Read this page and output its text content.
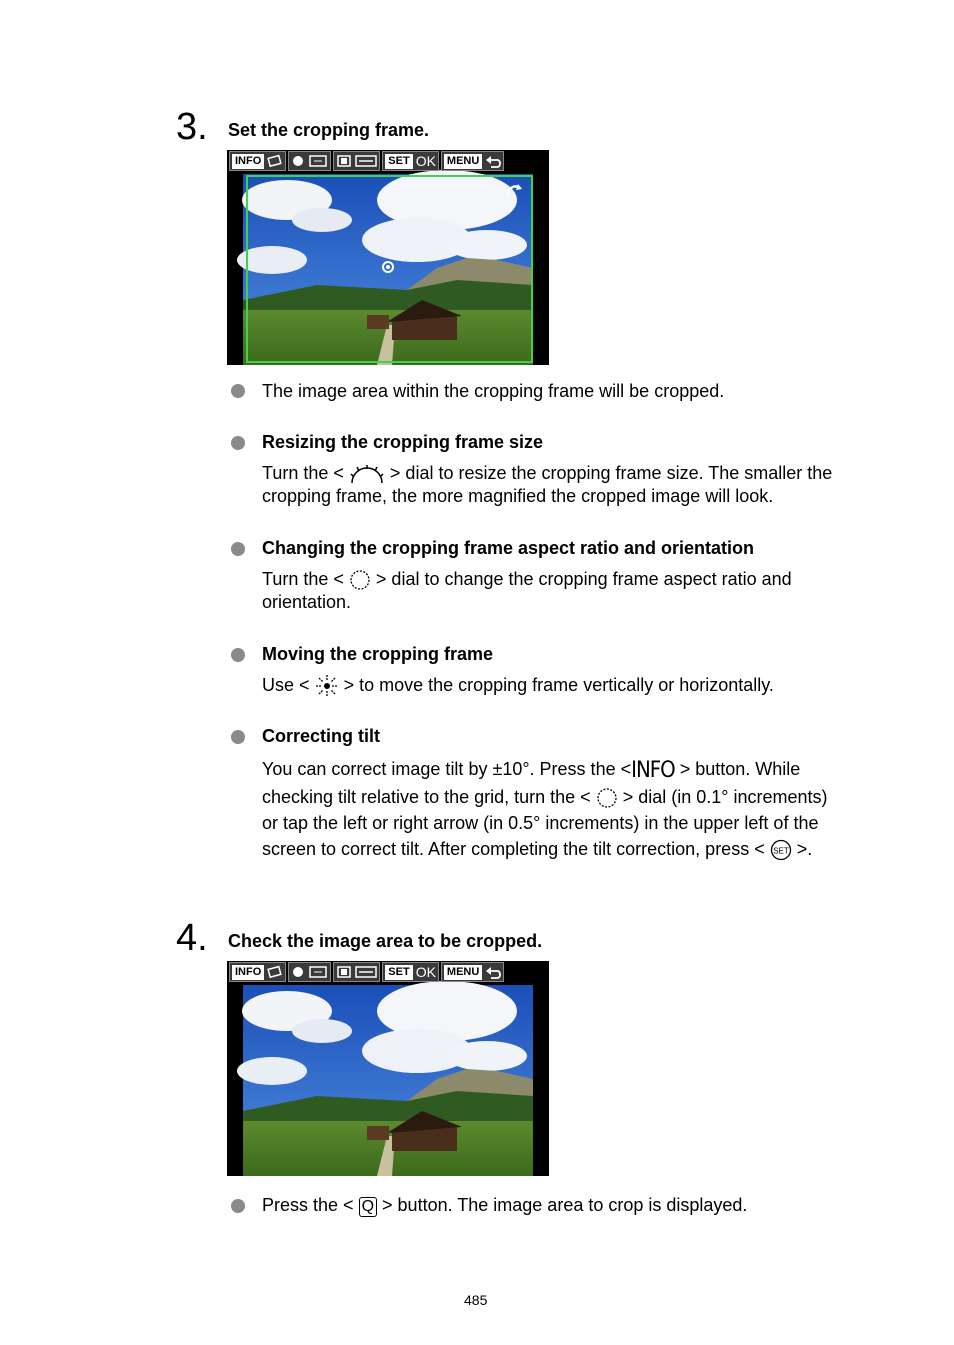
3. Set the cropping frame.
INFO	SET OK MENU
The image area within the cropping frame will be cropped.
Resizing the cropping frame size
Turn the <	> dial to resize the cropping frame size. The smaller the
cropping frame, the more magnified the cropped image will look.
Changing the cropping frame aspect ratio and orientation
Turn the < > dial to change the cropping frame aspect ratio and
orientation.
Moving the cropping frame
Use < > to move the cropping frame vertically or horizontally.
Correcting tilt
You can correct image tilt by ±10°. Press the <INFO > button. While
checking tilt relative to the grid, turn the < > dial (in 0.1° increments)
or tap the left or right arrow (in 0.5° increments) in the upper left of the
screen to correct tilt. After completing the tilt correction, press < SET >.
4. Check the image area to be cropped.
INFO	SET OK MENU
Press the < Q > button. The image area to crop is displayed.
485
